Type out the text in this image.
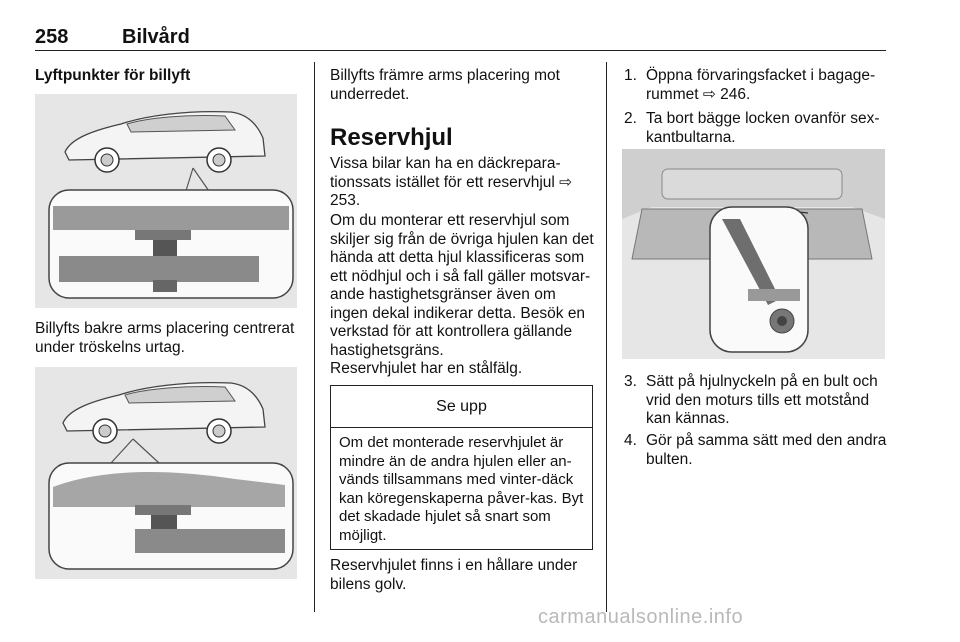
258	Bilvård
Lyftpunkter för billyft
Billyfts bakre arms placering centrerat under tröskelns urtag.
Billyfts främre arms placering mot underredet.
Reservhjul
Vissa bilar kan ha en däckrepara-tionssats istället för ett reservhjul ⇨ 253.
Om du monterar ett reservhjul som skiljer sig från de övriga hjulen kan det hända att detta hjul klassificeras som ett nödhjul och i så fall gäller motsvar-ande hastighetsgränser även om ingen dekal indikerar detta. Besök en verkstad för att kontrollera gällande hastighetsgräns.
Reservhjulet har en stålfälg.
Se upp
Om det monterade reservhjulet är mindre än de andra hjulen eller an-vänds tillsammans med vinter-däck kan köregenskaperna påver-kas. Byt det skadade hjulet så snart som möjligt.
Reservhjulet finns i en hållare under bilens golv.
1. Öppna förvaringsfacket i bagage-rummet ⇨ 246.
2. Ta bort bägge locken ovanför sex-kantbultarna.
3. Sätt på hjulnyckeln på en bult och vrid den moturs tills ett motstånd kan kännas.
4. Gör på samma sätt med den andra bulten.
carmanualsonline.info
